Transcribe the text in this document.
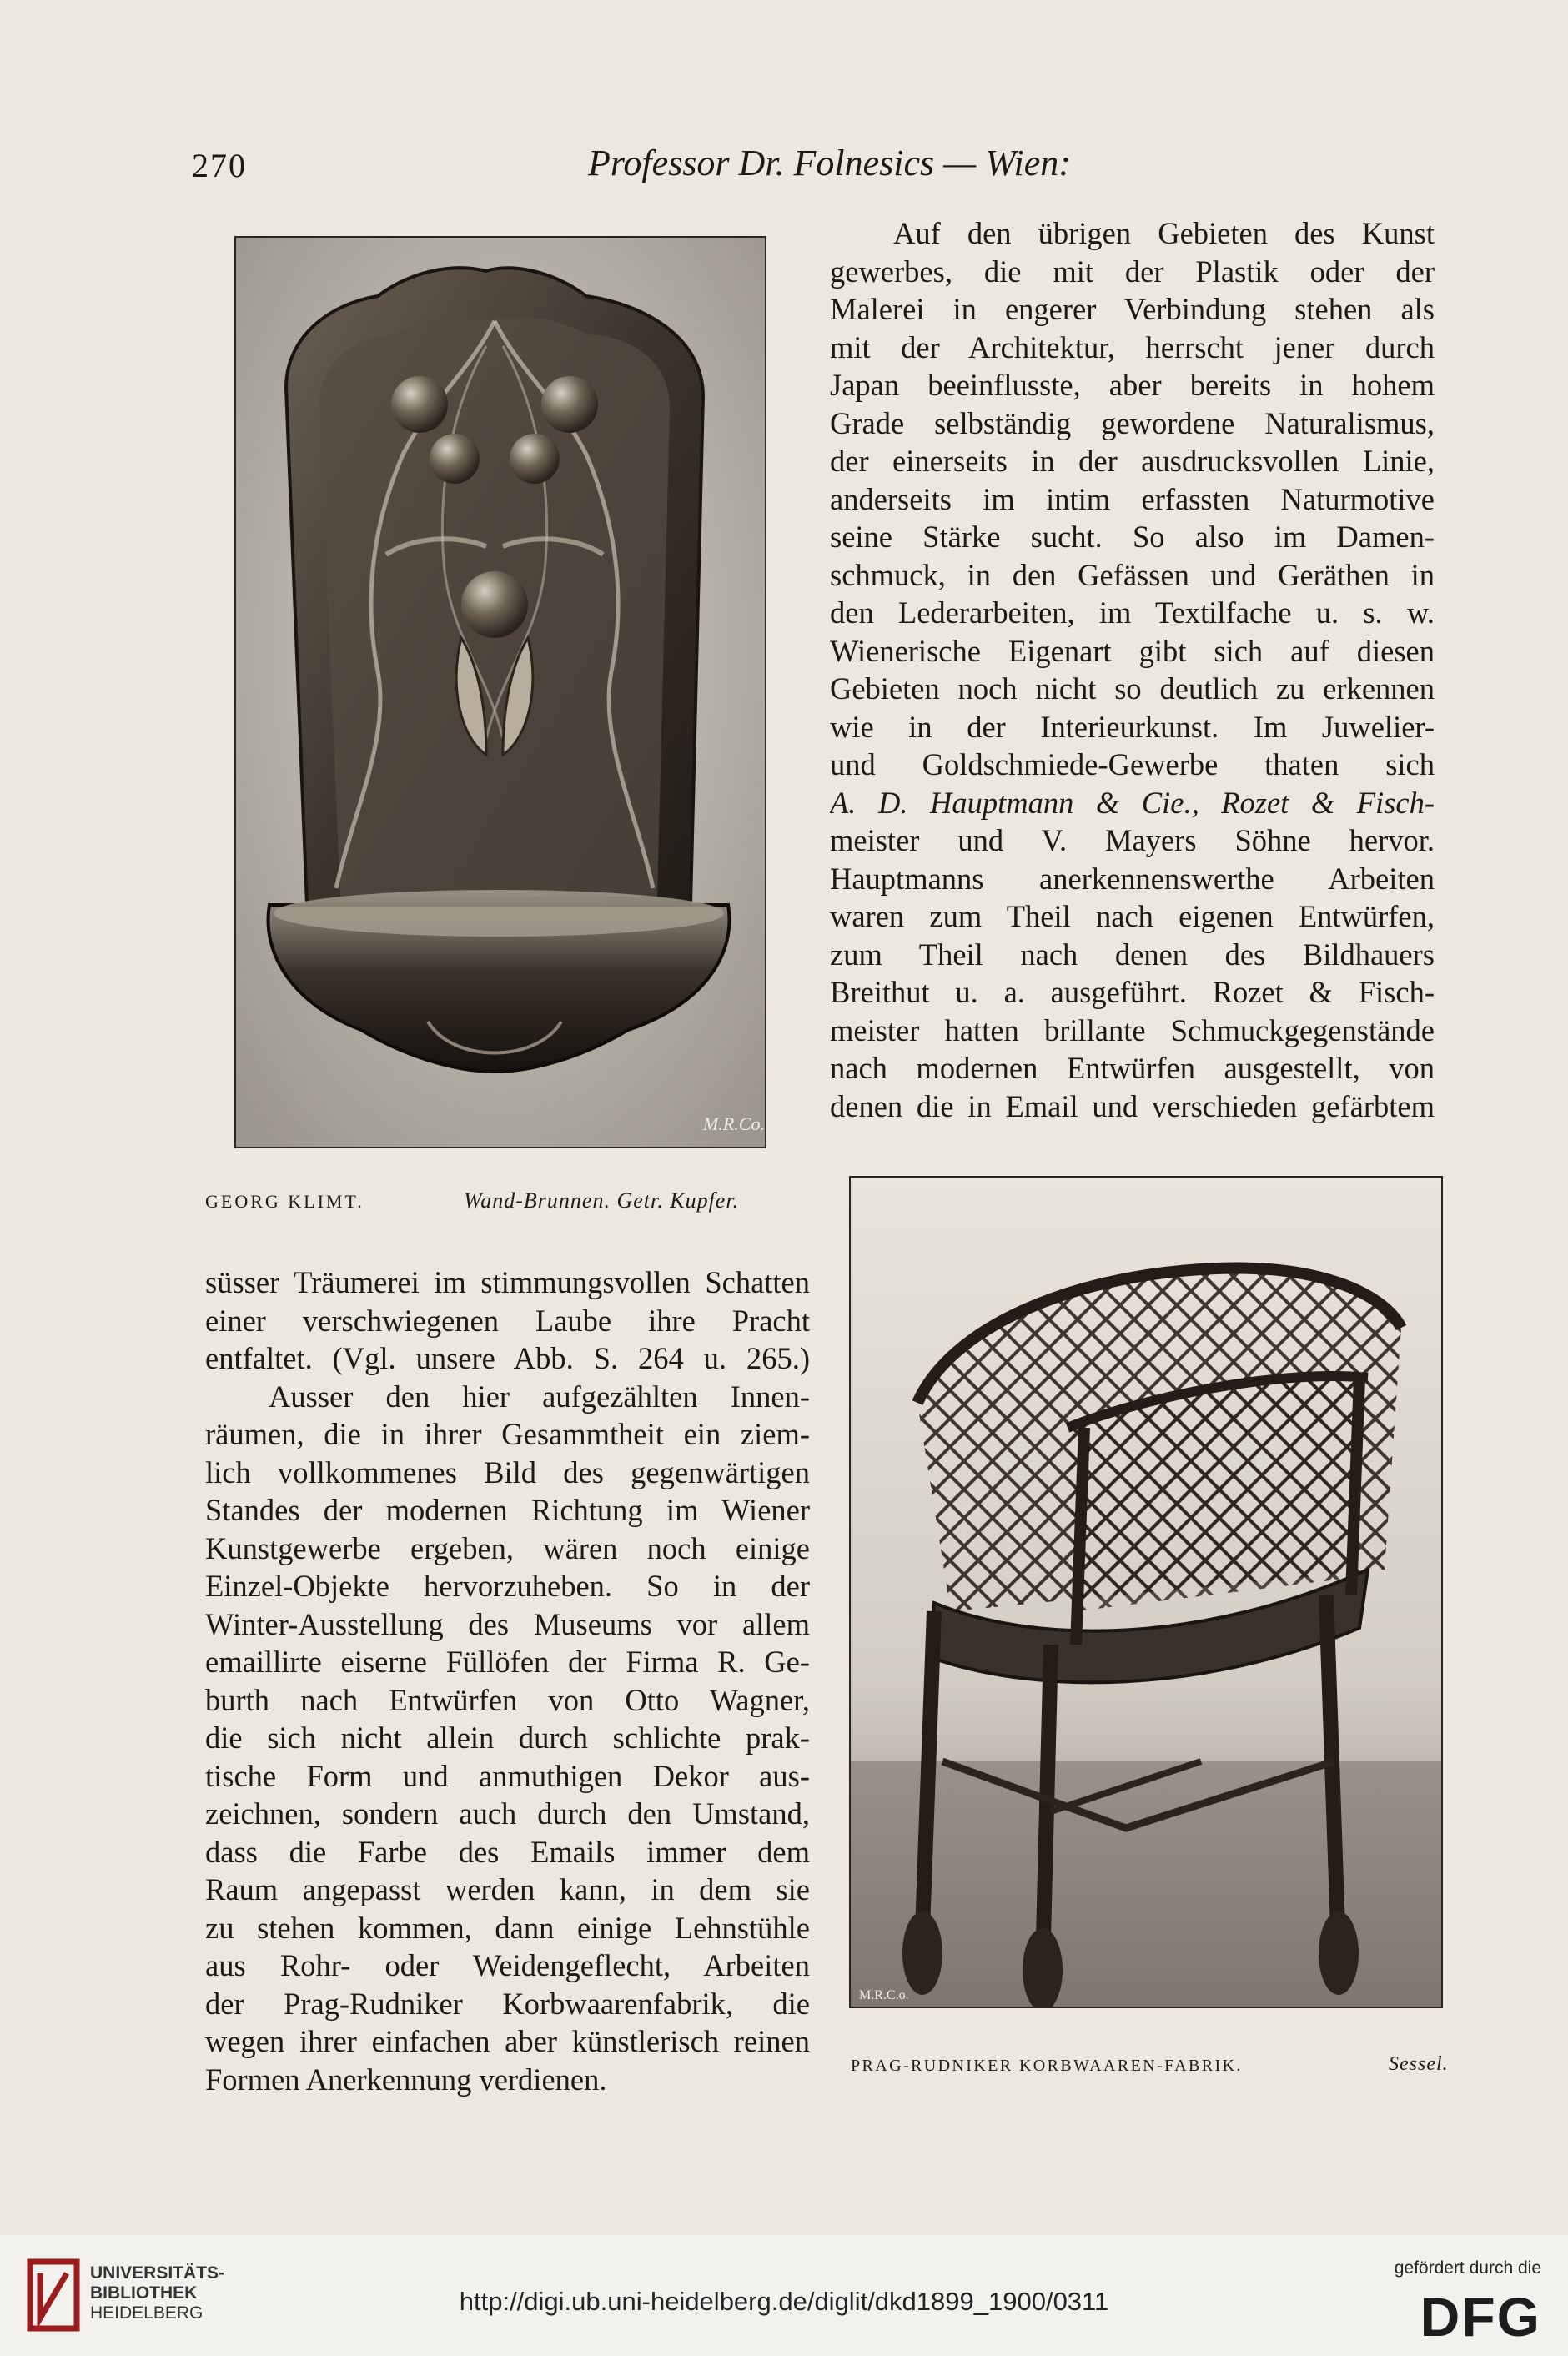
270	Professor Dr. Folnesics — Wien:
M.R.Co.
GEORG KLIMT.	Wand-Brunnen. Getr. Kupfer.
M.R.C.o.
PRAG-RUDNIKER KORBWAAREN-FABRIK.	Sessel.
Auf den übrigen Gebieten des Kunst
gewerbes, die mit der Plastik oder der
Malerei in engerer Verbindung stehen als
mit der Architektur, herrscht jener durch
Japan beeinflusste, aber bereits in hohem
Grade selbständig gewordene Naturalismus,
der einerseits in der ausdrucksvollen Linie,
anderseits im intim erfassten Naturmotive
seine Stärke sucht. So also im Damen-
schmuck, in den Gefässen und Geräthen in
den Lederarbeiten, im Textilfache u. s. w.
Wienerische Eigenart gibt sich auf diesen
Gebieten noch nicht so deutlich zu erkennen
wie in der Interieurkunst. Im Juwelier-
und Goldschmiede-Gewerbe thaten sich
A. D. Hauptmann & Cie., Rozet & Fisch-
meister und V. Mayers Söhne hervor.
Hauptmanns anerkennenswerthe Arbeiten
waren zum Theil nach eigenen Entwürfen,
zum Theil nach denen des Bildhauers
Breithut u. a. ausgeführt. Rozet & Fisch-
meister hatten brillante Schmuckgegenstände
nach modernen Entwürfen ausgestellt, von
denen die in Email und verschieden gefärbtem
süsser Träumerei im stimmungsvollen Schatten
einer verschwiegenen Laube ihre Pracht
entfaltet. (Vgl. unsere Abb. S. 264 u. 265.)
Ausser den hier aufgezählten Innen-
räumen, die in ihrer Gesammtheit ein ziem-
lich vollkommenes Bild des gegenwärtigen
Standes der modernen Richtung im Wiener
Kunstgewerbe ergeben, wären noch einige
Einzel-Objekte hervorzuheben. So in der
Winter-Ausstellung des Museums vor allem
emaillirte eiserne Füllöfen der Firma R. Ge-
burth nach Entwürfen von Otto Wagner,
die sich nicht allein durch schlichte prak-
tische Form und anmuthigen Dekor aus-
zeichnen, sondern auch durch den Umstand,
dass die Farbe des Emails immer dem
Raum angepasst werden kann, in dem sie
zu stehen kommen, dann einige Lehnstühle
aus Rohr- oder Weidengeflecht, Arbeiten
der Prag-Rudniker Korbwaarenfabrik, die
wegen ihrer einfachen aber künstlerisch reinen
Formen Anerkennung verdienen.
UNIVERSITÄTS-
BIBLIOTHEK
HEIDELBERG	http://digi.ub.uni-heidelberg.de/diglit/dkd1899_1900/0311
gefördert durch die
DFG
